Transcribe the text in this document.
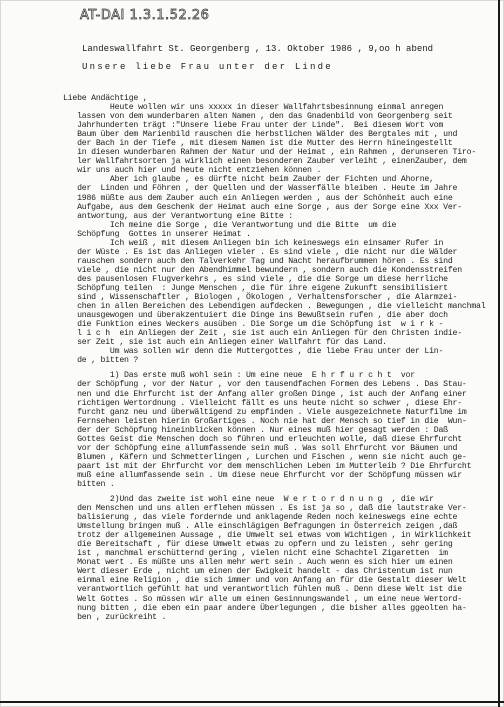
AT-DAI 1.3.1.52.26
Landeswallfahrt St. Georgenberg , 13. Oktober 1986 , 9,oo h abend
Unsere liebe Frau unter der Linde
Liebe Andächtige ,
Heute wollen wir uns xxxxx in dieser Wallfahrtsbesinnung einmal anregen
lassen von dem wunderbaren alten Namen , den das Gnadenbild von Georgenberg seit
Jahrhunderten trägt :"Unsere liebe Frau unter der Linde".  Bei diesem Wort vom
Baum über dem Marienbild rauschen die herbstlichen Wälder des Bergtales mit , und
der Bach in der Tiefe , mit diesem Namen ist die Mutter des Herrn hineingestellt
in diesen wunderbaren Rahmen der Natur und der Heimat , ein Rahmen , derunseren Tiro-
ler Wallfahrtsorten ja wirklich einen besonderen Zauber verleiht , einenZauber, dem
wir uns auch hier und heute nicht entziehen können .
Aber ich glaube , es dürfte nicht beim Zauber der Fichten und Ahorne,
der  Linden und Föhren , der Quellen und der Wasserfälle bleiben . Heute im Jahre
1986 müßte aus dem Zauber auch ein Anliegen werden , aus der Schönheit auch eine
Aufgabe, aus dem Geschenk der Heimat auch eine Sorge , aus der Sorge eine Xxx Ver-
antwortung, aus der Verantwortung eine Bitte :
Ich meine die Sorge , die Verantwortung und die Bitte  um die
Schöpfung  Gottes in unserer Heimat .
Ich weiß , mit diesem Anliegen bin ich keineswegs ein einsamer Rufer in
der Wüste . Es ist das Anliegen vieler . Es sind viele , die nicht nur die Wälder
rauschen sondern auch den Talverkehr Tag und Nacht heraufbrummen hören . Es sind
viele , die nicht nur den Abendhimmel bewundern , sondern auch die Kondensstreifen
des pausenlosen Flugverkehrs , es sind viele , die die Sorge um diese herrliche
Schöpfung teilen  : Junge Menschen , die für ihre eigene Zukunft sensibilisiert
sind , Wissenschaftler , Biologen , Ökologen , Verhaltensforscher , die Alarmzei-
chen in allen Bereichen des Lebendigen aufdecken . Bewegungen , die vielleicht manchmal
unausgewogen und überakzentuiert die Dinge ins Bewußtsein rufen , die aber doch
die Funktion eines Weckers ausüben . Die Sorge um die Schöpfung ist  w i r k -
l i c h  ein Anliegen der Zeit , sie ist auch ein Anliegen für den Christen indie-
ser Zeit , sie ist auch ein Anliegen einer Wallfahrt für das Land.
Um was sollen wir denn die Muttergottes , die liebe Frau unter der Lin-
de , bitten ?
1) Das erste muß wohl sein : Um eine neue  E h r f u r c h t  vor
der Schöpfung , vor der Natur , vor den tausendfachen Formen des Lebens . Das Stau-
nen und die Ehrfurcht ist der Anfang aller großen Dinge , ist auch der Anfang einer
richtigen Wertordnung . Vielleicht fällt es uns heute nicht so schwer , diese Ehr-
furcht ganz neu und überwältigend zu empfinden . Viele ausgezeichnete Naturfilme im
Fernsehen leisten hierin Großartiges . Noch nie hat der Mensch so tief in die  Wun-
der der Schöpfung hineinblicken können . Nur eines muß hier gesagt werden : Daß
Gottes Geist die Menschen doch so führen und erleuchten wolle, daß diese Ehrfurcht
vor der Schöpfung eine allumfassende sein muß . Was soll Ehrfurcht vor Bäumen und
Blumen , Käfern und Schmetterlingen , Lurchen und Fischen , wenn sie nicht auch ge-
paart ist mit der Ehrfurcht vor dem menschlichen Leben im Mutterleib ? Die Ehrfurcht
muß eine allumfassende sein . Um diese neue Ehrfurcht vor der Schöpfung müssen wir
bitten .
2)Und das zweite ist wohl eine neue  W e r t o r d n u n g  , die wir
den Menschen und uns allen erflehen müssen . Es ist ja so , daß die lautstrake Ver-
balisierung , das viele fordernde und anklagende Reden noch keineswegs eine echte
Umstellung bringen muß . Alle einschlägigen Befragungen in Österreich zeigen ,daß
trotz der allgemeinen Aussage , die Umwelt sei etwas vom Wichtigen , in Wirklichkeit
die Bereitschaft , für diese Umwelt etwas zu opfern und zu leisten , sehr gering
ist , manchmal erschütternd gering , vielen nicht eine Schachtel Zigaretten  im
Monat wert . Es müßte uns allen mehr wert sein . Auch wenn es sich hier um einen
Wert dieser Erde , nicht um einen der Ewigkeit handelt - das Christentum ist nun
einmal eine Religion , die sich immer und von Anfang an für die Gestalt dieser Welt
verantwortlich gefühlt hat und verantwortlich fühlen muß . Denn diese Welt ist die
Welt Gottes . So müssen wir alle um einen Gesinnungswandel , um eine neue Wertord-
nung bitten , die eben ein paar andere Überlegungen , die bisher alles ggeolten ha-
ben , zurückreiht .
